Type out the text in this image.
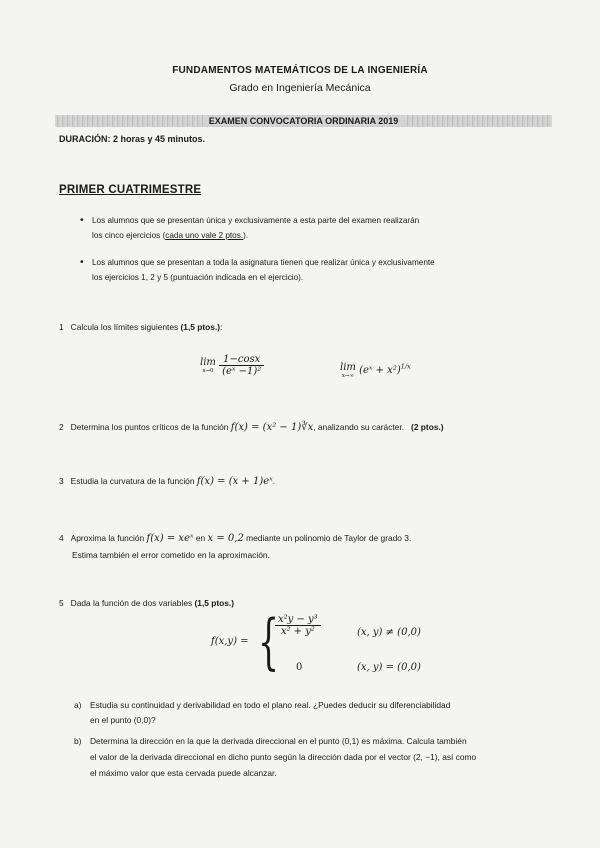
FUNDAMENTOS MATEMÁTICOS DE LA INGENIERÍA
Grado en Ingeniería Mecánica
EXAMEN CONVOCATORIA ORDINARIA 2019
DURACIÓN: 2 horas y 45 minutos.
PRIMER CUATRIMESTRE
• Los alumnos que se presentan única y exclusivamente a esta parte del examen realizarán
los cinco ejercicios (cada uno vale 2 ptos.).
• Los alumnos que se presentan a toda la asignatura tienen que realizar única y exclusivamente
los ejercicios 1, 2 y 5 (puntuación indicada en el ejercicio).
1 Calcula los límites siguientes (1,5 ptos.):
lim
x→0
$\frac{1-\cos x}{\text{(eˣ −1)²}}$	lim
x→∞ (eˣ + x²)$^{1/x}$
2 Determina los puntos críticos de la función f(x) = (x² − 1)∛x, analizando su carácter. (2 ptos.)
3 Estudia la curvatura de la función f(x) = (x + 1)eˣ.
4 Aproxima la función f(x) = xeˣ en x = 0,2 mediante un polinomio de Taylor de grado 3.
Estima también el error cometido en la aproximación.
5 Dada la función de dos variables (1,5 ptos.)
f(x,y) = {
$\frac{\text{x²y − y³}}{\text{x² + y²}}$	(x, y) ≠ (0,0)
0	(x, y) = (0,0)
a)	Estudia su continuidad y derivabilidad en todo el plano real. ¿Puedes deducir su diferenciabilidad
en el punto (0,0)?
b)	Determina la dirección en la que la derivada direccional en el punto (0,1) es máxima. Calcula también
el valor de la derivada direccional en dicho punto según la dirección dada por el vector (2, −1), así como
el máximo valor que esta cervada puede alcanzar.
